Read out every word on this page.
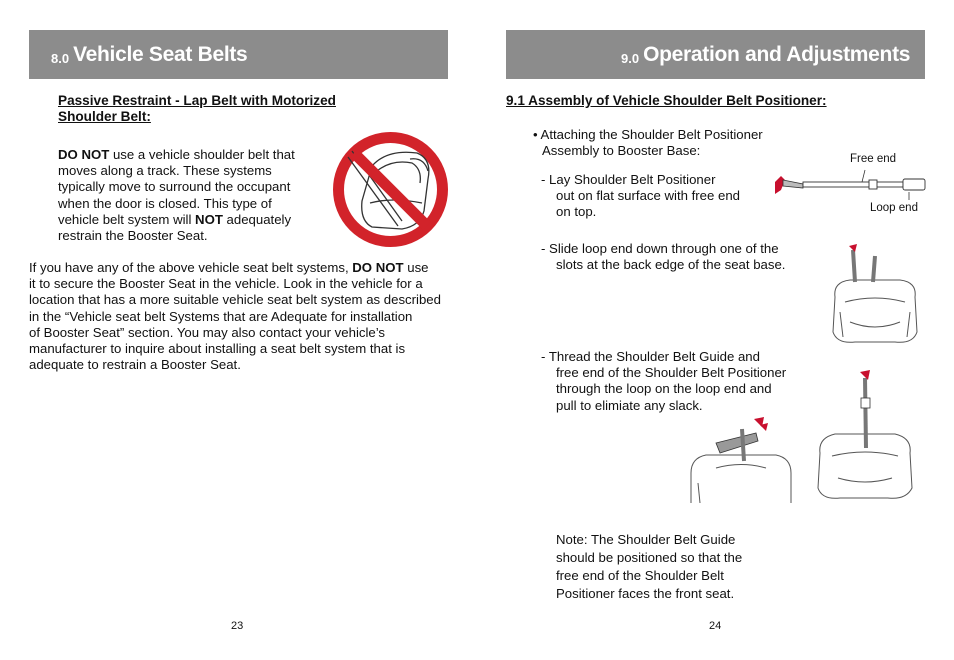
8.0 Vehicle Seat Belts
Passive Restraint - Lap Belt with Motorized
Shoulder Belt:
DO NOT use a vehicle shoulder belt that
moves along a track. These systems
typically move to surround the occupant
when the door is closed. This type of
vehicle belt system will NOT adequately
restrain the Booster Seat.
If you have any of the above vehicle seat belt systems, DO NOT use
it to secure the Booster Seat in the vehicle. Look in the vehicle for a
location that has a more suitable vehicle seat belt system as described
in the “Vehicle seat belt Systems that are Adequate for installation
of Booster Seat” section. You may also contact your vehicle’s
manufacturer to inquire about installing a seat belt system that is
adequate to restrain a Booster Seat.
23
9.0 Operation and Adjustments
9.1 Assembly of Vehicle Shoulder Belt Positioner:
• Attaching the Shoulder Belt Positioner
Assembly to Booster Base:
- Lay Shoulder Belt Positioner
out on flat surface with free end
on top.
Free end
Loop end
- Slide loop end down through one of the
slots at the back edge of the seat base.
- Thread the Shoulder Belt Guide and
free end of the Shoulder Belt Positioner
through the loop on the loop end and
pull to elimiate any slack.
Note: The Shoulder Belt Guide
should be positioned so that the
free end of the Shoulder Belt
Positioner faces the front seat.
24
